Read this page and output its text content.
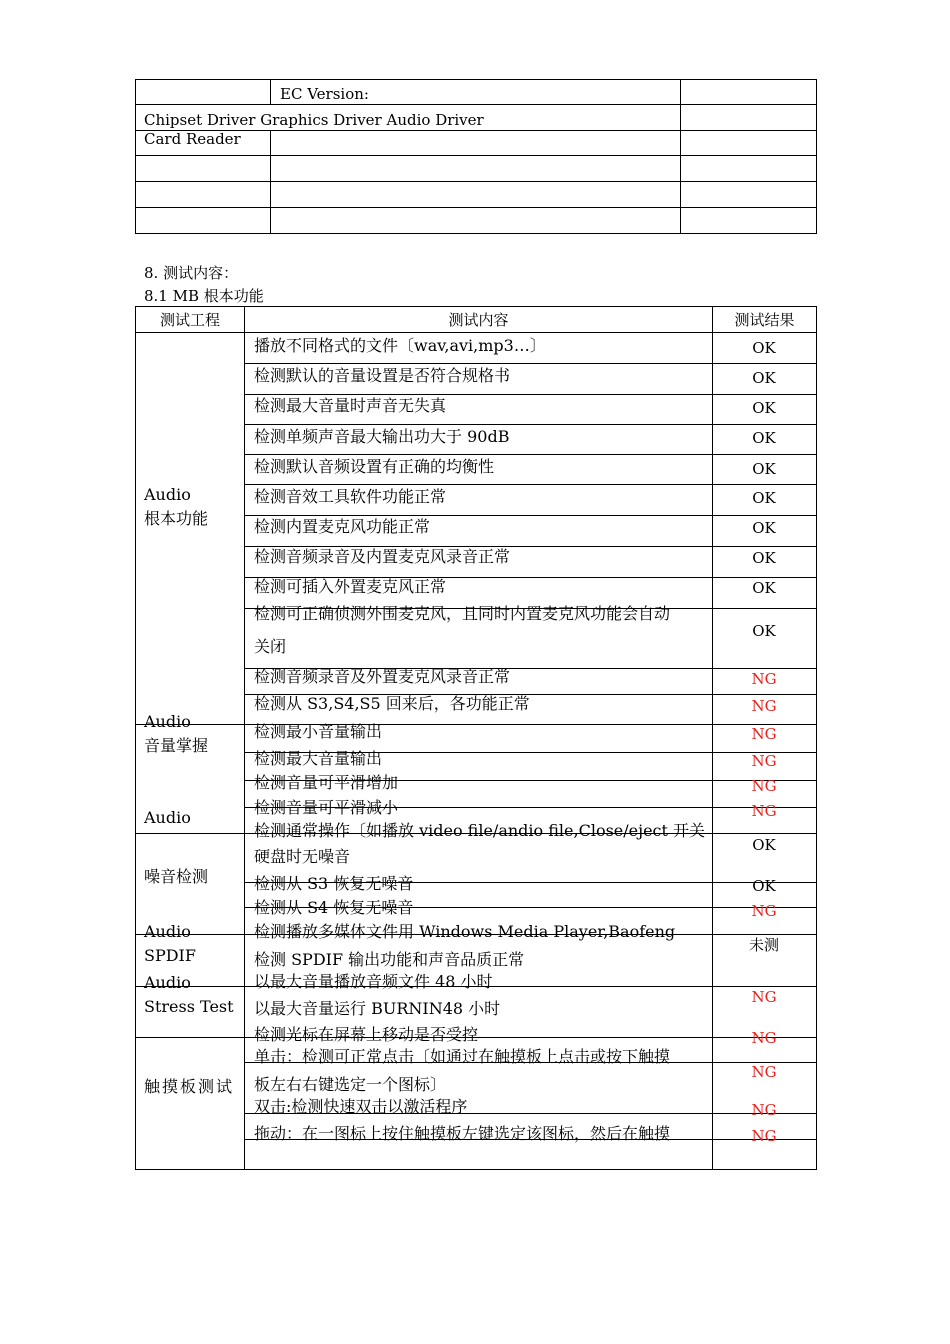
EC Version:
Chipset Driver Graphics Driver Audio Driver
Card Reader
8. 测试内容：
8.1 MB 根本功能
测试工程	测试内容	测试结果
Audio
根本功能
Audio
音量掌握
Audio
噪音检测
Audio
SPDIF
Audio
Stress Test
触摸板测试
播放不同格式的文件〔wav,avi,mp3…〕
检测默认的音量设置是否符合规格书
检测最大音量时声音无失真
检测单频声音最大输出功大于 90dB
检测默认音频设置有正确的均衡性
检测音效工具软件功能正常
检测内置麦克风功能正常
检测音频录音及内置麦克风录音正常
检测可插入外置麦克风正常
检测可正确侦测外围麦克风，且同时内置麦克风功能会自动
关闭
检测音频录音及外置麦克风录音正常
检测从 S3,S4,S5 回来后，各功能正常
检测最小音量输出
检测最大音量输出
检测音量可平滑增加
检测音量可平滑减小
检测通常操作〔如播放 video file/andio file,Close/eject 开关
硬盘时无噪音
检测从 S3 恢复无噪音
检测从 S4 恢复无噪音
检测播放多媒体文件用 Windows Media Player,Baofeng
检测 SPDIF 输出功能和声音品质正常
以最大音量播放音频文件 48 小时
以最大音量运行 BURNIN48 小时
检测光标在屏幕上移动是否受控
单击：检测可正常点击〔如通过在触摸板上点击或按下触摸
板左右右键选定一个图标〕
双击:检测快速双击以激活程序
拖动：在一图标上按住触摸板左键选定该图标，然后在触摸
OK
OK
OK
OK
OK
OK
OK
OK
OK
OK
NG
NG
NG
NG
NG
NG
OK
OK
NG
未测
NG
NG
NG
NG
NG
